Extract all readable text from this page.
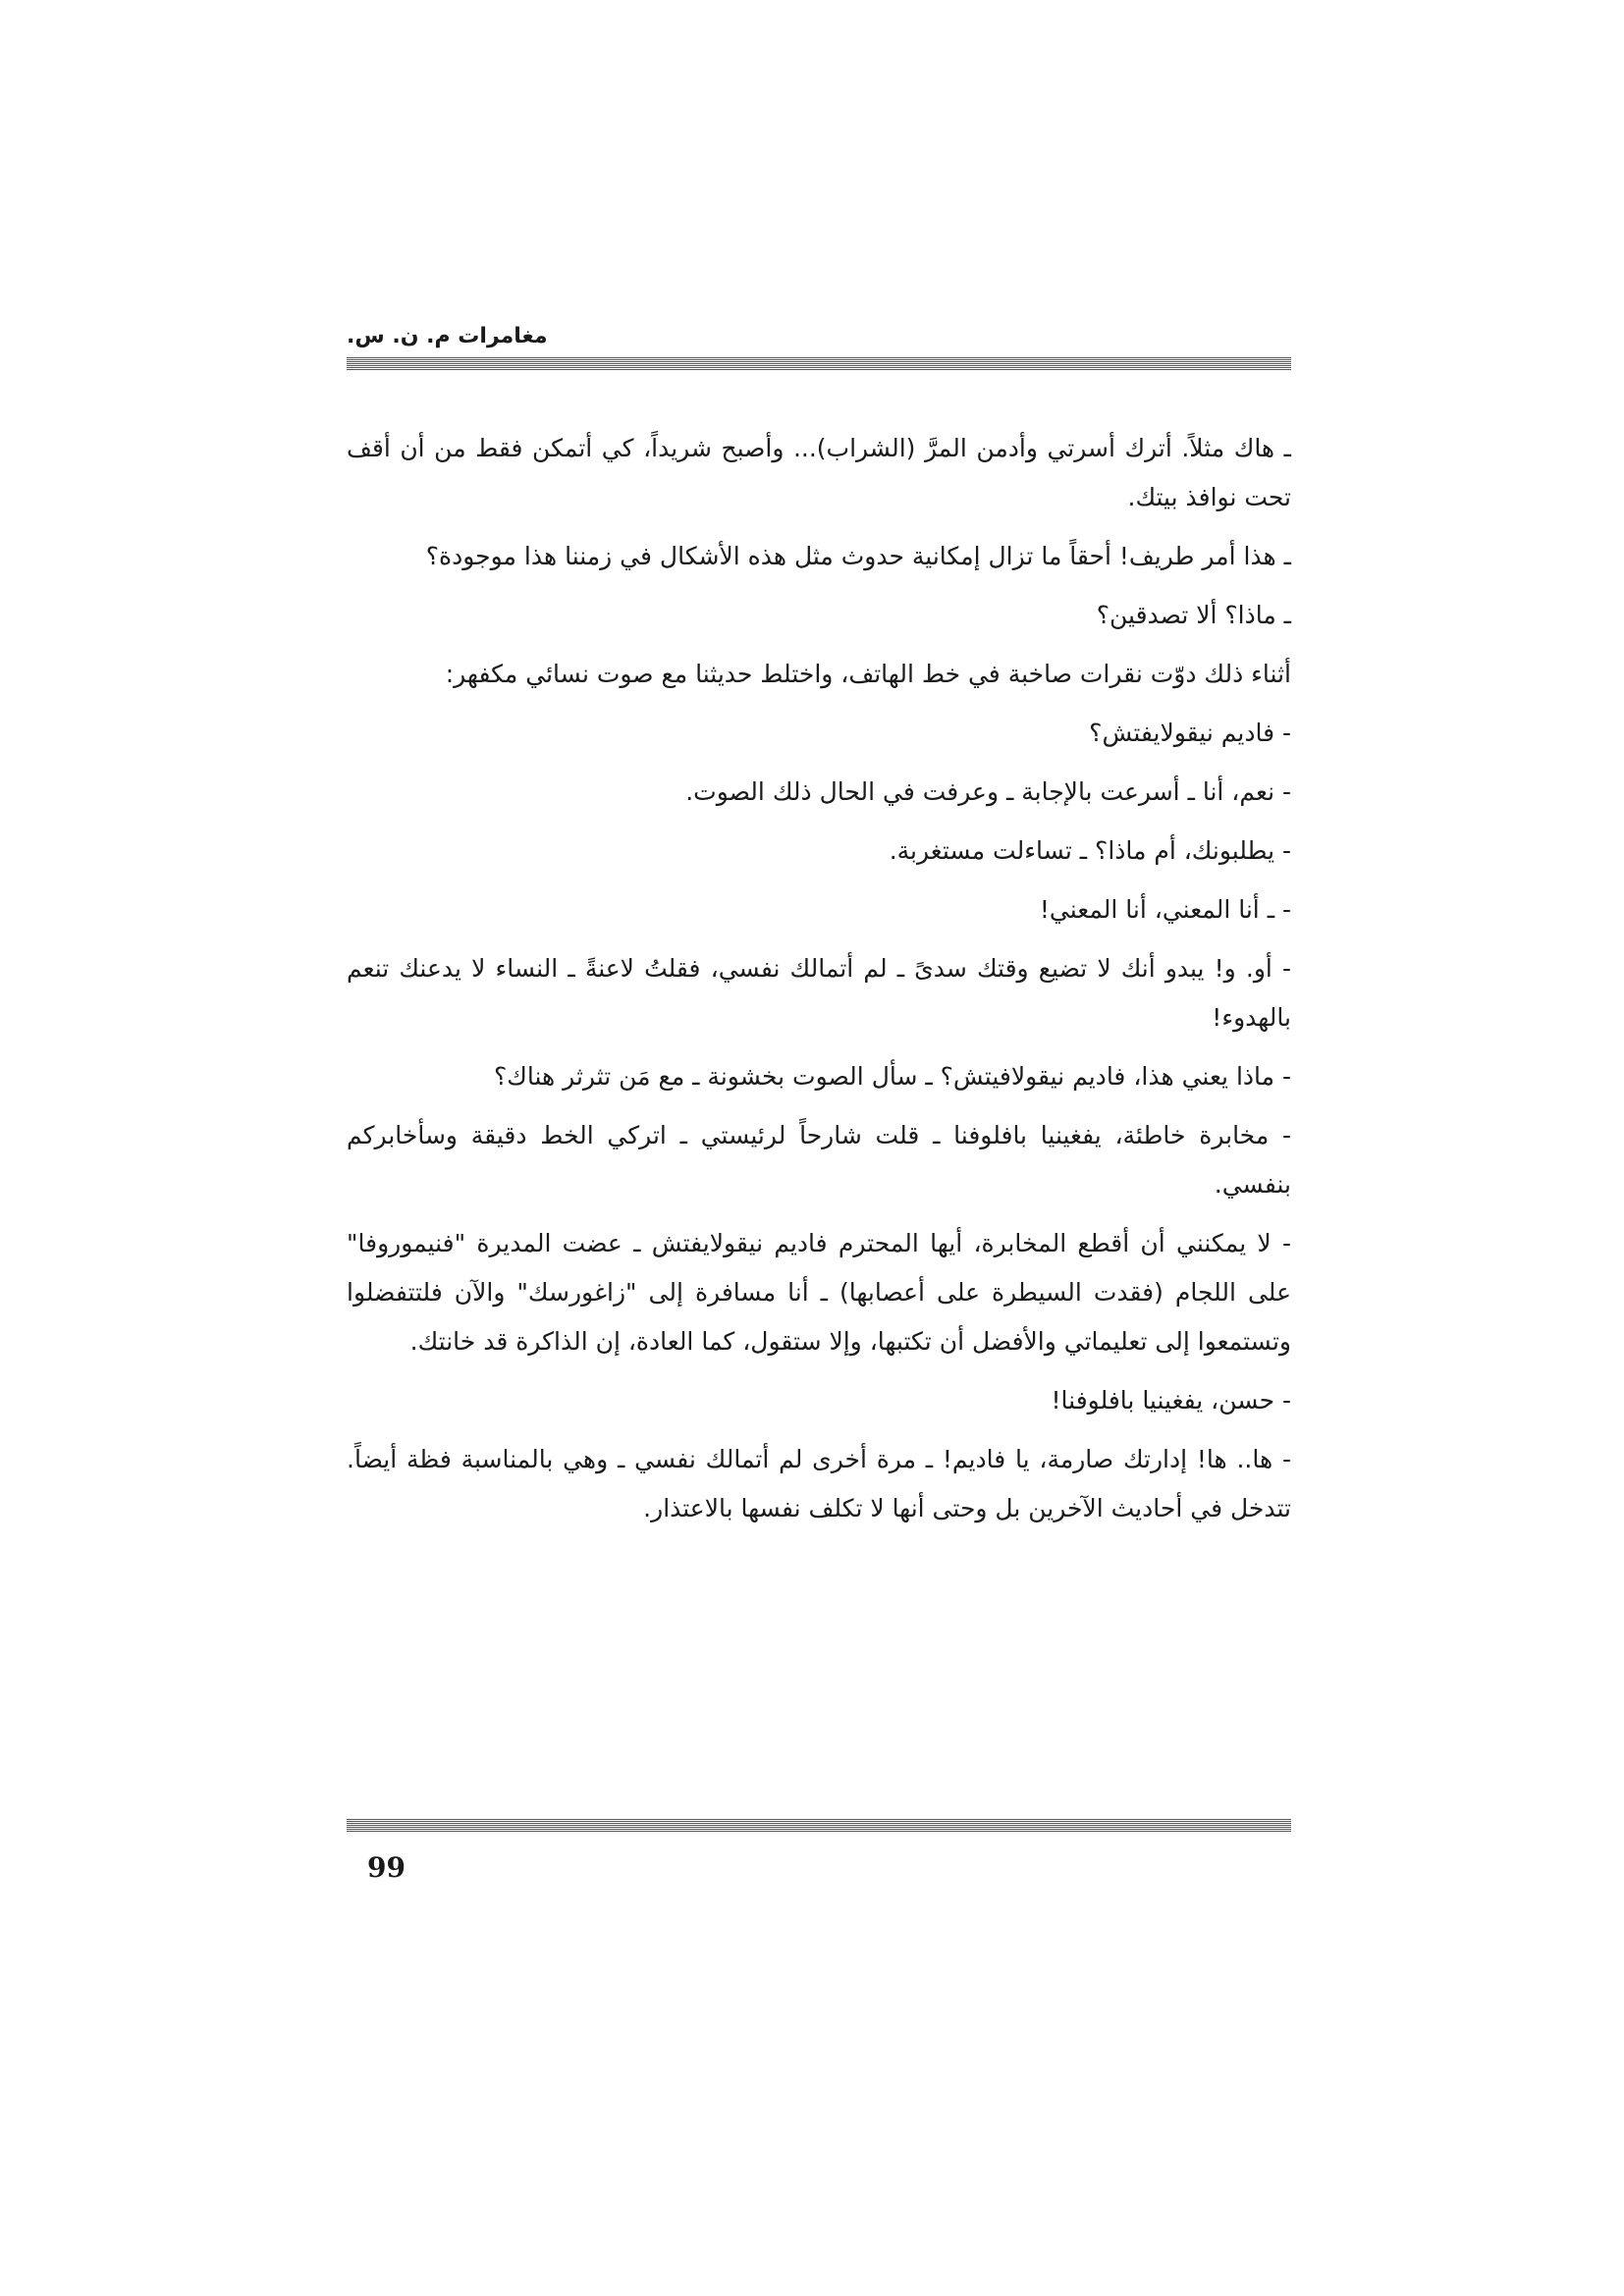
مغامرات م. ن. س.

ـ هاك مثلاً. أترك أسرتي وأدمن المرَّ (الشراب)... وأصبح شريداً، كي أتمكن فقط من أن أقف تحت نوافذ بيتك.

ـ هذا أمر طريف! أحقاً ما تزال إمكانية حدوث مثل هذه الأشكال في زمننا هذا موجودة؟

ـ ماذا؟ ألا تصدقين؟

أثناء ذلك دوّت نقرات صاخبة في خط الهاتف، واختلط حديثنا مع صوت نسائي مكفهر:

- فاديم نيقولايفتش؟

- نعم، أنا ـ أسرعت بالإجابة ـ وعرفت في الحال ذلك الصوت.

- يطلبونك، أم ماذا؟ ـ تساءلت مستغربة.

- ـ أنا المعني، أنا المعني!

- أو. و! يبدو أنك لا تضيع وقتك سدىً ـ لم أتمالك نفسي، فقلتُ لاعنةً ـ النساء لا يدعنك تنعم بالهدوء!

- ماذا يعني هذا، فاديم نيقولافيتش؟ ـ سأل الصوت بخشونة ـ مع مَن تثرثر هناك؟

- مخابرة خاطئة، يفغينيا بافلوفنا ـ قلت شارحاً لرئيستي ـ اتركي الخط دقيقة وسأخابركم بنفسي.

- لا يمكنني أن أقطع المخابرة، أيها المحترم فاديم نيقولايفتش ـ عضت المديرة "فنيموروفا" على اللجام (فقدت السيطرة على أعصابها) ـ أنا مسافرة إلى "زاغورسك" والآن فلتتفضلوا وتستمعوا إلى تعليماتي والأفضل أن تكتبها، وإلا ستقول، كما العادة، إن الذاكرة قد خانتك.

- حسن، يفغينيا بافلوفنا!

- ها.. ها! إدارتك صارمة، يا فاديم! ـ مرة أخرى لم أتمالك نفسي ـ وهي بالمناسبة فظة أيضاً. تتدخل في أحاديث الآخرين بل وحتى أنها لا تكلف نفسها بالاعتذار.

99
